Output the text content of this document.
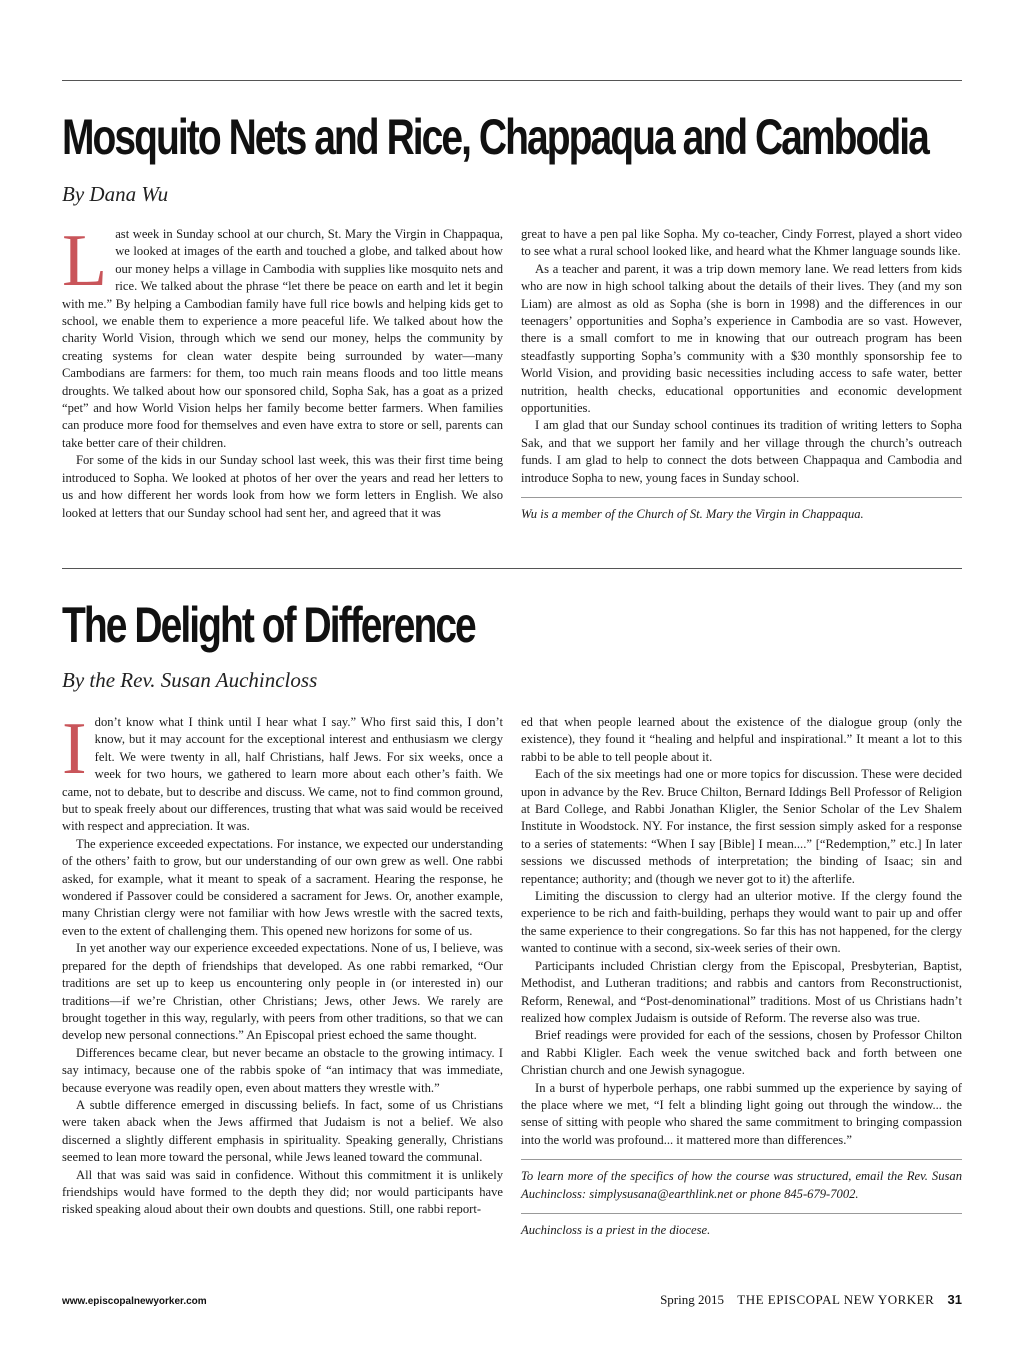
Mosquito Nets and Rice, Chappaqua and Cambodia
By Dana Wu

Last week in Sunday school at our church, St. Mary the Virgin in Chappaqua, we looked at images of the earth and touched a globe, and talked about how our money helps a village in Cambodia with supplies like mosquito nets and rice. We talked about the phrase “let there be peace on earth and let it begin with me.” By helping a Cambodian family have full rice bowls and helping kids get to school, we enable them to experience a more peaceful life. We talked about how the charity World Vision, through which we send our money, helps the community by creating systems for clean water despite being surrounded by water—many Cambodians are farmers: for them, too much rain means floods and too little means droughts. We talked about how our sponsored child, Sopha Sak, has a goat as a prized “pet” and how World Vision helps her family become better farmers. When families can produce more food for themselves and even have extra to store or sell, parents can take better care of their children.

For some of the kids in our Sunday school last week, this was their first time being introduced to Sopha. We looked at photos of her over the years and read her letters to us and how different her words look from how we form letters in English. We also looked at letters that our Sunday school had sent her, and agreed that it was

great to have a pen pal like Sopha. My co-teacher, Cindy Forrest, played a short video to see what a rural school looked like, and heard what the Khmer language sounds like.

As a teacher and parent, it was a trip down memory lane. We read letters from kids who are now in high school talking about the details of their lives. They (and my son Liam) are almost as old as Sopha (she is born in 1998) and the differences in our teenagers’ opportunities and Sopha’s experience in Cambodia are so vast. However, there is a small comfort to me in knowing that our outreach program has been steadfastly supporting Sopha’s community with a $30 monthly sponsorship fee to World Vision, and providing basic necessities including access to safe water, better nutrition, health checks, educational opportunities and economic development opportunities.

I am glad that our Sunday school continues its tradition of writing letters to Sopha Sak, and that we support her family and her village through the church’s outreach funds. I am glad to help to connect the dots between Chappaqua and Cambodia and introduce Sopha to new, young faces in Sunday school.

Wu is a member of the Church of St. Mary the Virgin in Chappaqua.

The Delight of Difference
By the Rev. Susan Auchincloss

I don’t know what I think until I hear what I say.” Who first said this, I don’t know, but it may account for the exceptional interest and enthusiasm we clergy felt. We were twenty in all, half Christians, half Jews. For six weeks, once a week for two hours, we gathered to learn more about each other’s faith. We came, not to debate, but to describe and discuss. We came, not to find common ground, but to speak freely about our differences, trusting that what was said would be received with respect and appreciation. It was.

The experience exceeded expectations. For instance, we expected our understanding of the others’ faith to grow, but our understanding of our own grew as well. One rabbi asked, for example, what it meant to speak of a sacrament. Hearing the response, he wondered if Passover could be considered a sacrament for Jews. Or, another example, many Christian clergy were not familiar with how Jews wrestle with the sacred texts, even to the extent of challenging them. This opened new horizons for some of us.

In yet another way our experience exceeded expectations. None of us, I believe, was prepared for the depth of friendships that developed. As one rabbi remarked, “Our traditions are set up to keep us encountering only people in (or interested in) our traditions—if we’re Christian, other Christians; Jews, other Jews. We rarely are brought together in this way, regularly, with peers from other traditions, so that we can develop new personal connections.” An Episcopal priest echoed the same thought.

Differences became clear, but never became an obstacle to the growing intimacy. I say intimacy, because one of the rabbis spoke of “an intimacy that was immediate, because everyone was readily open, even about matters they wrestle with.”

A subtle difference emerged in discussing beliefs. In fact, some of us Christians were taken aback when the Jews affirmed that Judaism is not a belief. We also discerned a slightly different emphasis in spirituality. Speaking generally, Christians seemed to lean more toward the personal, while Jews leaned toward the communal.

All that was said was said in confidence. Without this commitment it is unlikely friendships would have formed to the depth they did; nor would participants have risked speaking aloud about their own doubts and questions. Still, one rabbi report-

ed that when people learned about the existence of the dialogue group (only the existence), they found it “healing and helpful and inspirational.” It meant a lot to this rabbi to be able to tell people about it.

Each of the six meetings had one or more topics for discussion. These were decided upon in advance by the Rev. Bruce Chilton, Bernard Iddings Bell Professor of Religion at Bard College, and Rabbi Jonathan Kligler, the Senior Scholar of the Lev Shalem Institute in Woodstock. NY. For instance, the first session simply asked for a response to a series of statements: “When I say [Bible] I mean....” [“Redemption,” etc.] In later sessions we discussed methods of interpretation; the binding of Isaac; sin and repentance; authority; and (though we never got to it) the afterlife.

Limiting the discussion to clergy had an ulterior motive. If the clergy found the experience to be rich and faith-building, perhaps they would want to pair up and offer the same experience to their congregations. So far this has not happened, for the clergy wanted to continue with a second, six-week series of their own.

Participants included Christian clergy from the Episcopal, Presbyterian, Baptist, Methodist, and Lutheran traditions; and rabbis and cantors from Reconstructionist, Reform, Renewal, and “Post-denominational” traditions. Most of us Christians hadn’t realized how complex Judaism is outside of Reform. The reverse also was true.

Brief readings were provided for each of the sessions, chosen by Professor Chilton and Rabbi Kligler. Each week the venue switched back and forth between one Christian church and one Jewish synagogue.

In a burst of hyperbole perhaps, one rabbi summed up the experience by saying of the place where we met, “I felt a blinding light going out through the window... the sense of sitting with people who shared the same commitment to bringing compassion into the world was profound... it mattered more than differences.”

To learn more of the specifics of how the course was structured, email the Rev. Susan Auchincloss: simplysusana@earthlink.net or phone 845-679-7002.

Auchincloss is a priest in the diocese.

www.episcopalnewyorker.com	Spring 2015 THE EPISCOPAL NEW YORKER 31
